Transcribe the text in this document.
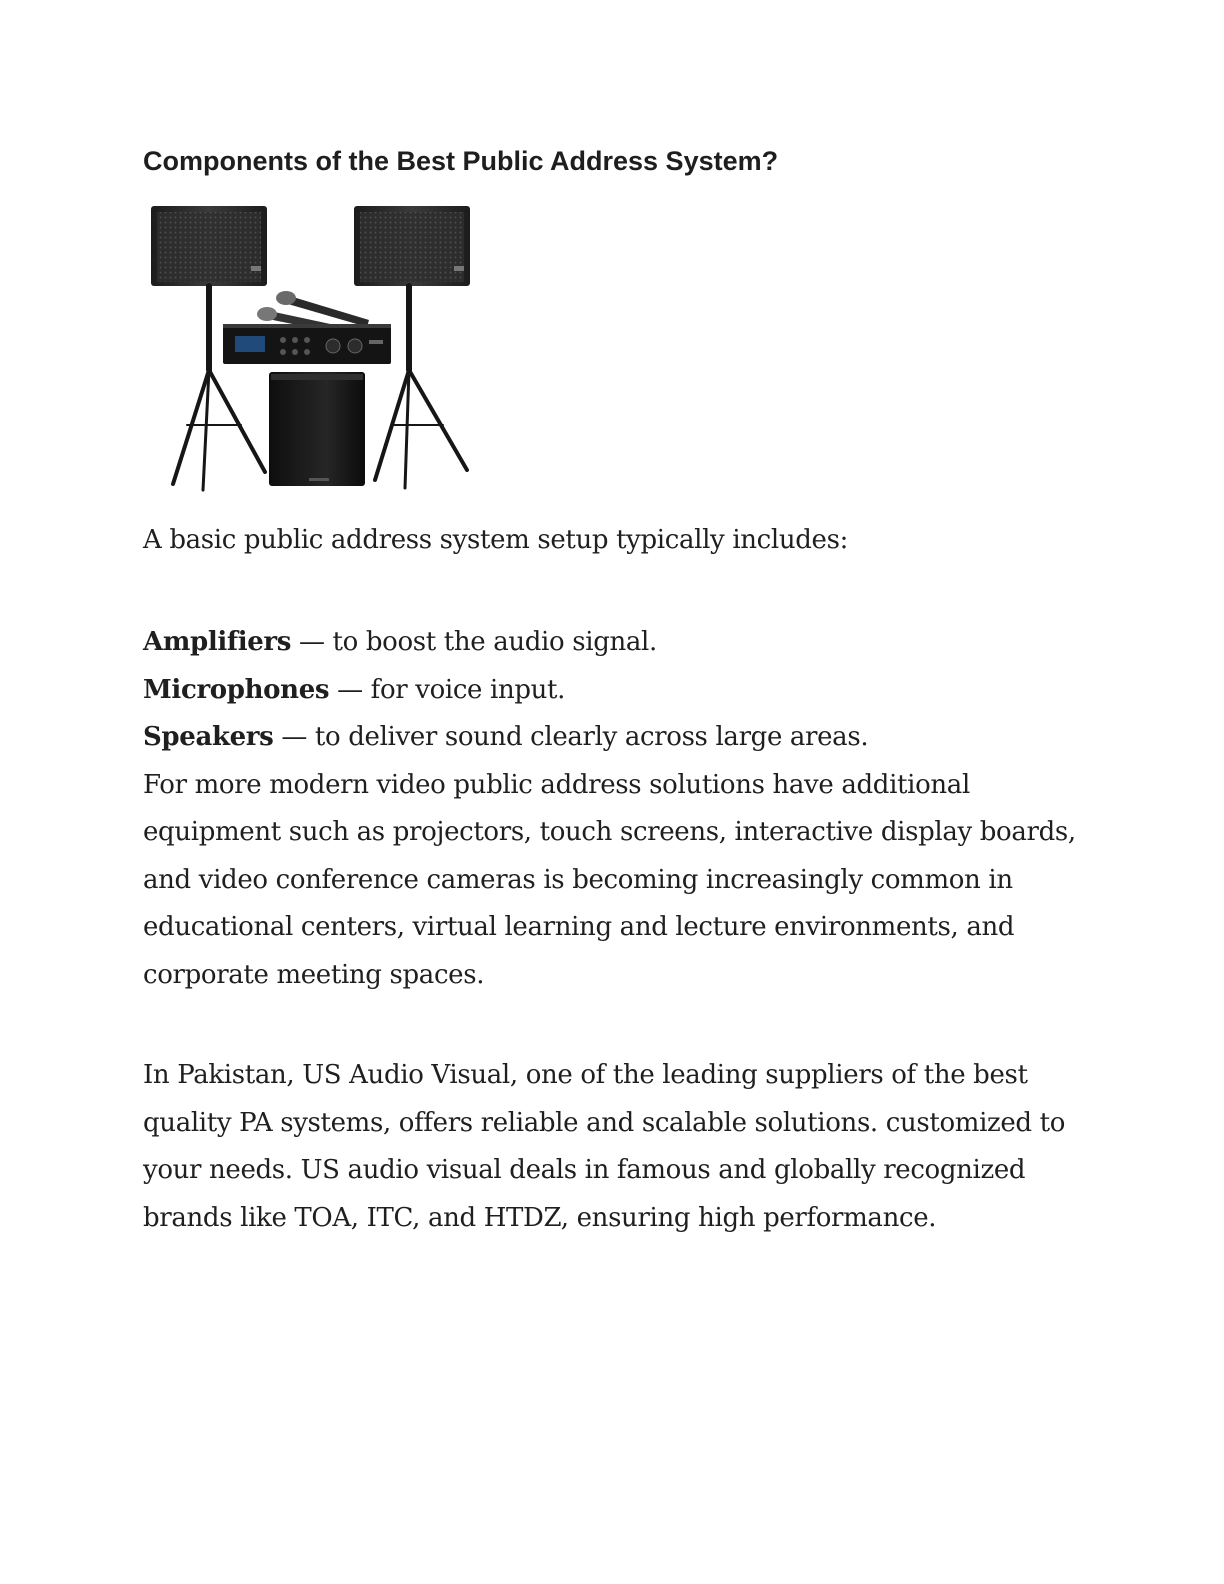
Components of the Best Public Address System?

A basic public address system setup typically includes:

Amplifiers — to boost the audio signal.
Microphones — for voice input.
Speakers — to deliver sound clearly across large areas.
For more modern video public address solutions have additional equipment such as projectors, touch screens, interactive display boards, and video conference cameras is becoming increasingly common in educational centers, virtual learning and lecture environments, and corporate meeting spaces.

In Pakistan, US Audio Visual, one of the leading suppliers of the best quality PA systems, offers reliable and scalable solutions. customized to your needs. US audio visual deals in famous and globally recognized brands like TOA, ITC, and HTDZ, ensuring high performance.
